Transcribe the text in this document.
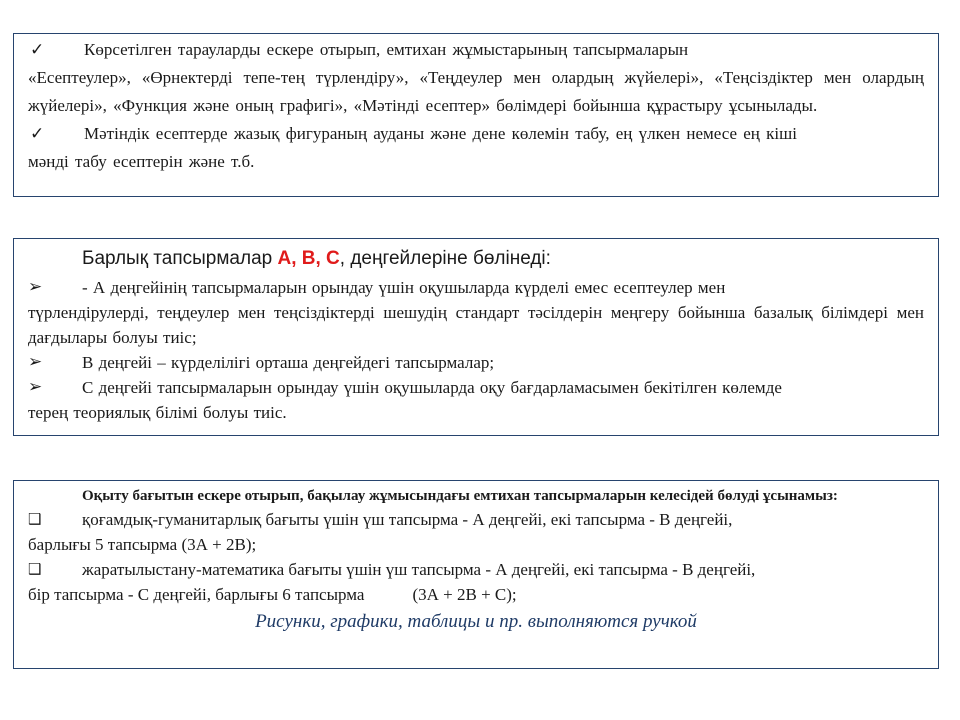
✓	Көрсетілген тарауларды ескере отырып, емтихан жұмыстарының тапсырмаларын
«Есептеулер», «Өрнектерді тепе-тең түрлендіру», «Теңдеулер мен олардың жүйелері», «Теңсіздіктер мен олардың жүйелері», «Функция және оның графигі», «Мәтінді есептер» бөлімдері бойынша құрастыру ұсынылады.
✓	Мәтіндік есептерде жазық фигураның ауданы және дене көлемін табу, ең үлкен немесе ең кіші
мәнді табу есептерін және т.б.
Барлық тапсырмалар A, B, C, деңгейлеріне бөлінеді:
➢	- А деңгейінің тапсырмаларын орындау үшін оқушыларда күрделі емес есептеулер мен
түрлендірулерді, теңдеулер мен теңсіздіктерді шешудің стандарт тәсілдерін меңгеру бойынша базалық білімдері мен дағдылары болуы тиіс;
➢	В деңгейі – күрделілігі орташа деңгейдегі тапсырмалар;
➢	С деңгейі тапсырмаларын орындау үшін оқушыларда оқу бағдарламасымен бекітілген көлемде
терең теориялық білімі болуы тиіс.
Оқыту бағытын ескере отырып, бақылау жұмысындағы емтихан тапсырмаларын келесідей бөлуді ұсынамыз:
❑	қоғамдық-гуманитарлық бағыты үшін үш тапсырма - А деңгейі, екі тапсырма - В деңгейі,
барлығы 5 тапсырма (3А + 2В);
❑	жаратылыстану-математика бағыты үшін үш тапсырма - А деңгейі, екі тапсырма - В деңгейі,
бір тапсырма - С деңгейі, барлығы 6 тапсырма	(3А + 2В + С);
Рисунки, графики, таблицы и пр. выполняются ручкой
